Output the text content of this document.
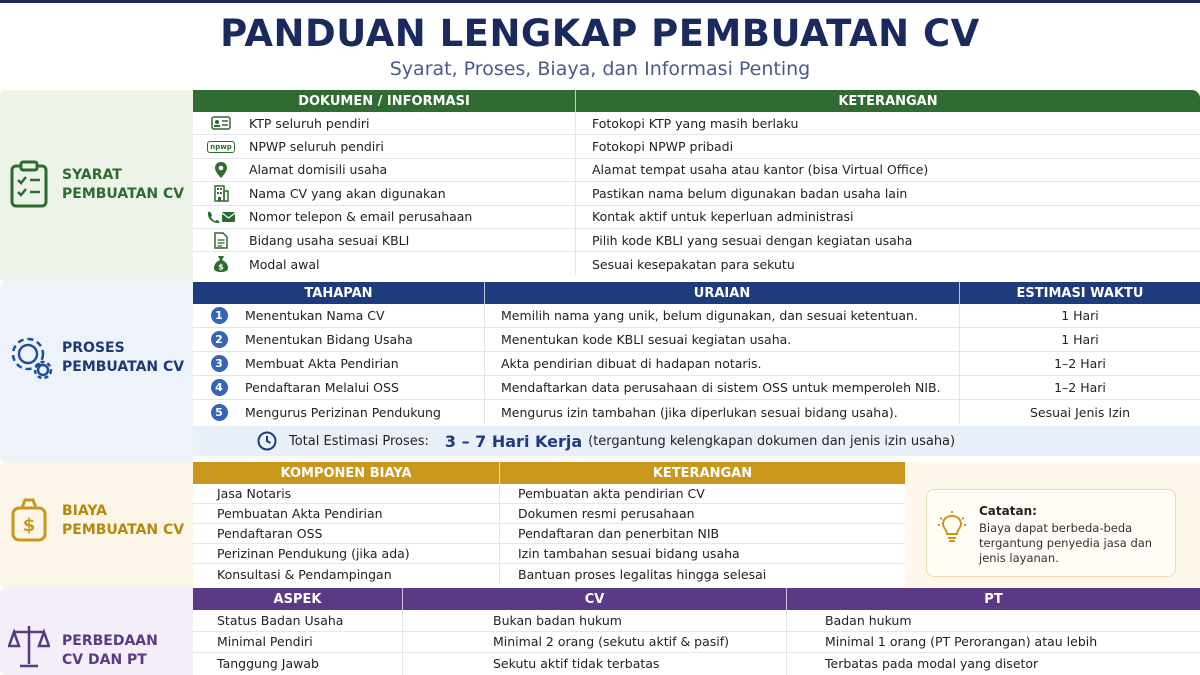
PANDUAN LENGKAP PEMBUATAN CV
Syarat, Proses, Biaya, dan Informasi Penting
SYARAT
PEMBUATAN CV
DOKUMEN / INFORMASI	KETERANGAN
KTP seluruh pendiri	Fotokopi KTP yang masih berlaku
npwp NPWP seluruh pendiri	Fotokopi NPWP pribadi
Alamat domisili usaha	Alamat tempat usaha atau kantor (bisa Virtual Office)
Nama CV yang akan digunakan	Pastikan nama belum digunakan badan usaha lain
Nomor telepon & email perusahaan	Kontak aktif untuk keperluan administrasi
Bidang usaha sesuai KBLI	Pilih kode KBLI yang sesuai dengan kegiatan usaha
$ Modal awal	Sesuai kesepakatan para sekutu
PROSES
PEMBUATAN CV
TAHAPAN	URAIAN	ESTIMASI WAKTU
1	Menentukan Nama CV	Memilih nama yang unik, belum digunakan, dan sesuai ketentuan.	1 Hari
2	Menentukan Bidang Usaha	Menentukan kode KBLI sesuai kegiatan usaha.	1 Hari
3	Membuat Akta Pendirian	Akta pendirian dibuat di hadapan notaris.	1–2 Hari
4	Pendaftaran Melalui OSS	Mendaftarkan data perusahaan di sistem OSS untuk memperoleh NIB.	1–2 Hari
5	Mengurus Perizinan Pendukung	Mengurus izin tambahan (jika diperlukan sesuai bidang usaha).	Sesuai Jenis Izin
Total Estimasi Proses: 3 – 7 Hari Kerja (tergantung kelengkapan dokumen dan jenis izin usaha)
$
BIAYA
PEMBUATAN CV
KOMPONEN BIAYA	KETERANGAN
Jasa Notaris	Pembuatan akta pendirian CV
Pembuatan Akta Pendirian	Dokumen resmi perusahaan
Pendaftaran OSS	Pendaftaran dan penerbitan NIB
Perizinan Pendukung (jika ada)	Izin tambahan sesuai bidang usaha
Konsultasi & Pendampingan	Bantuan proses legalitas hingga selesai
Catatan:
Biaya dapat berbeda-beda tergantung penyedia jasa dan jenis layanan.
PERBEDAAN
CV DAN PT
ASPEK	CV	PT
Status Badan Usaha	Bukan badan hukum	Badan hukum
Minimal Pendiri	Minimal 2 orang (sekutu aktif & pasif)	Minimal 1 orang (PT Perorangan) atau lebih
Tanggung Jawab	Sekutu aktif tidak terbatas	Terbatas pada modal yang disetor
